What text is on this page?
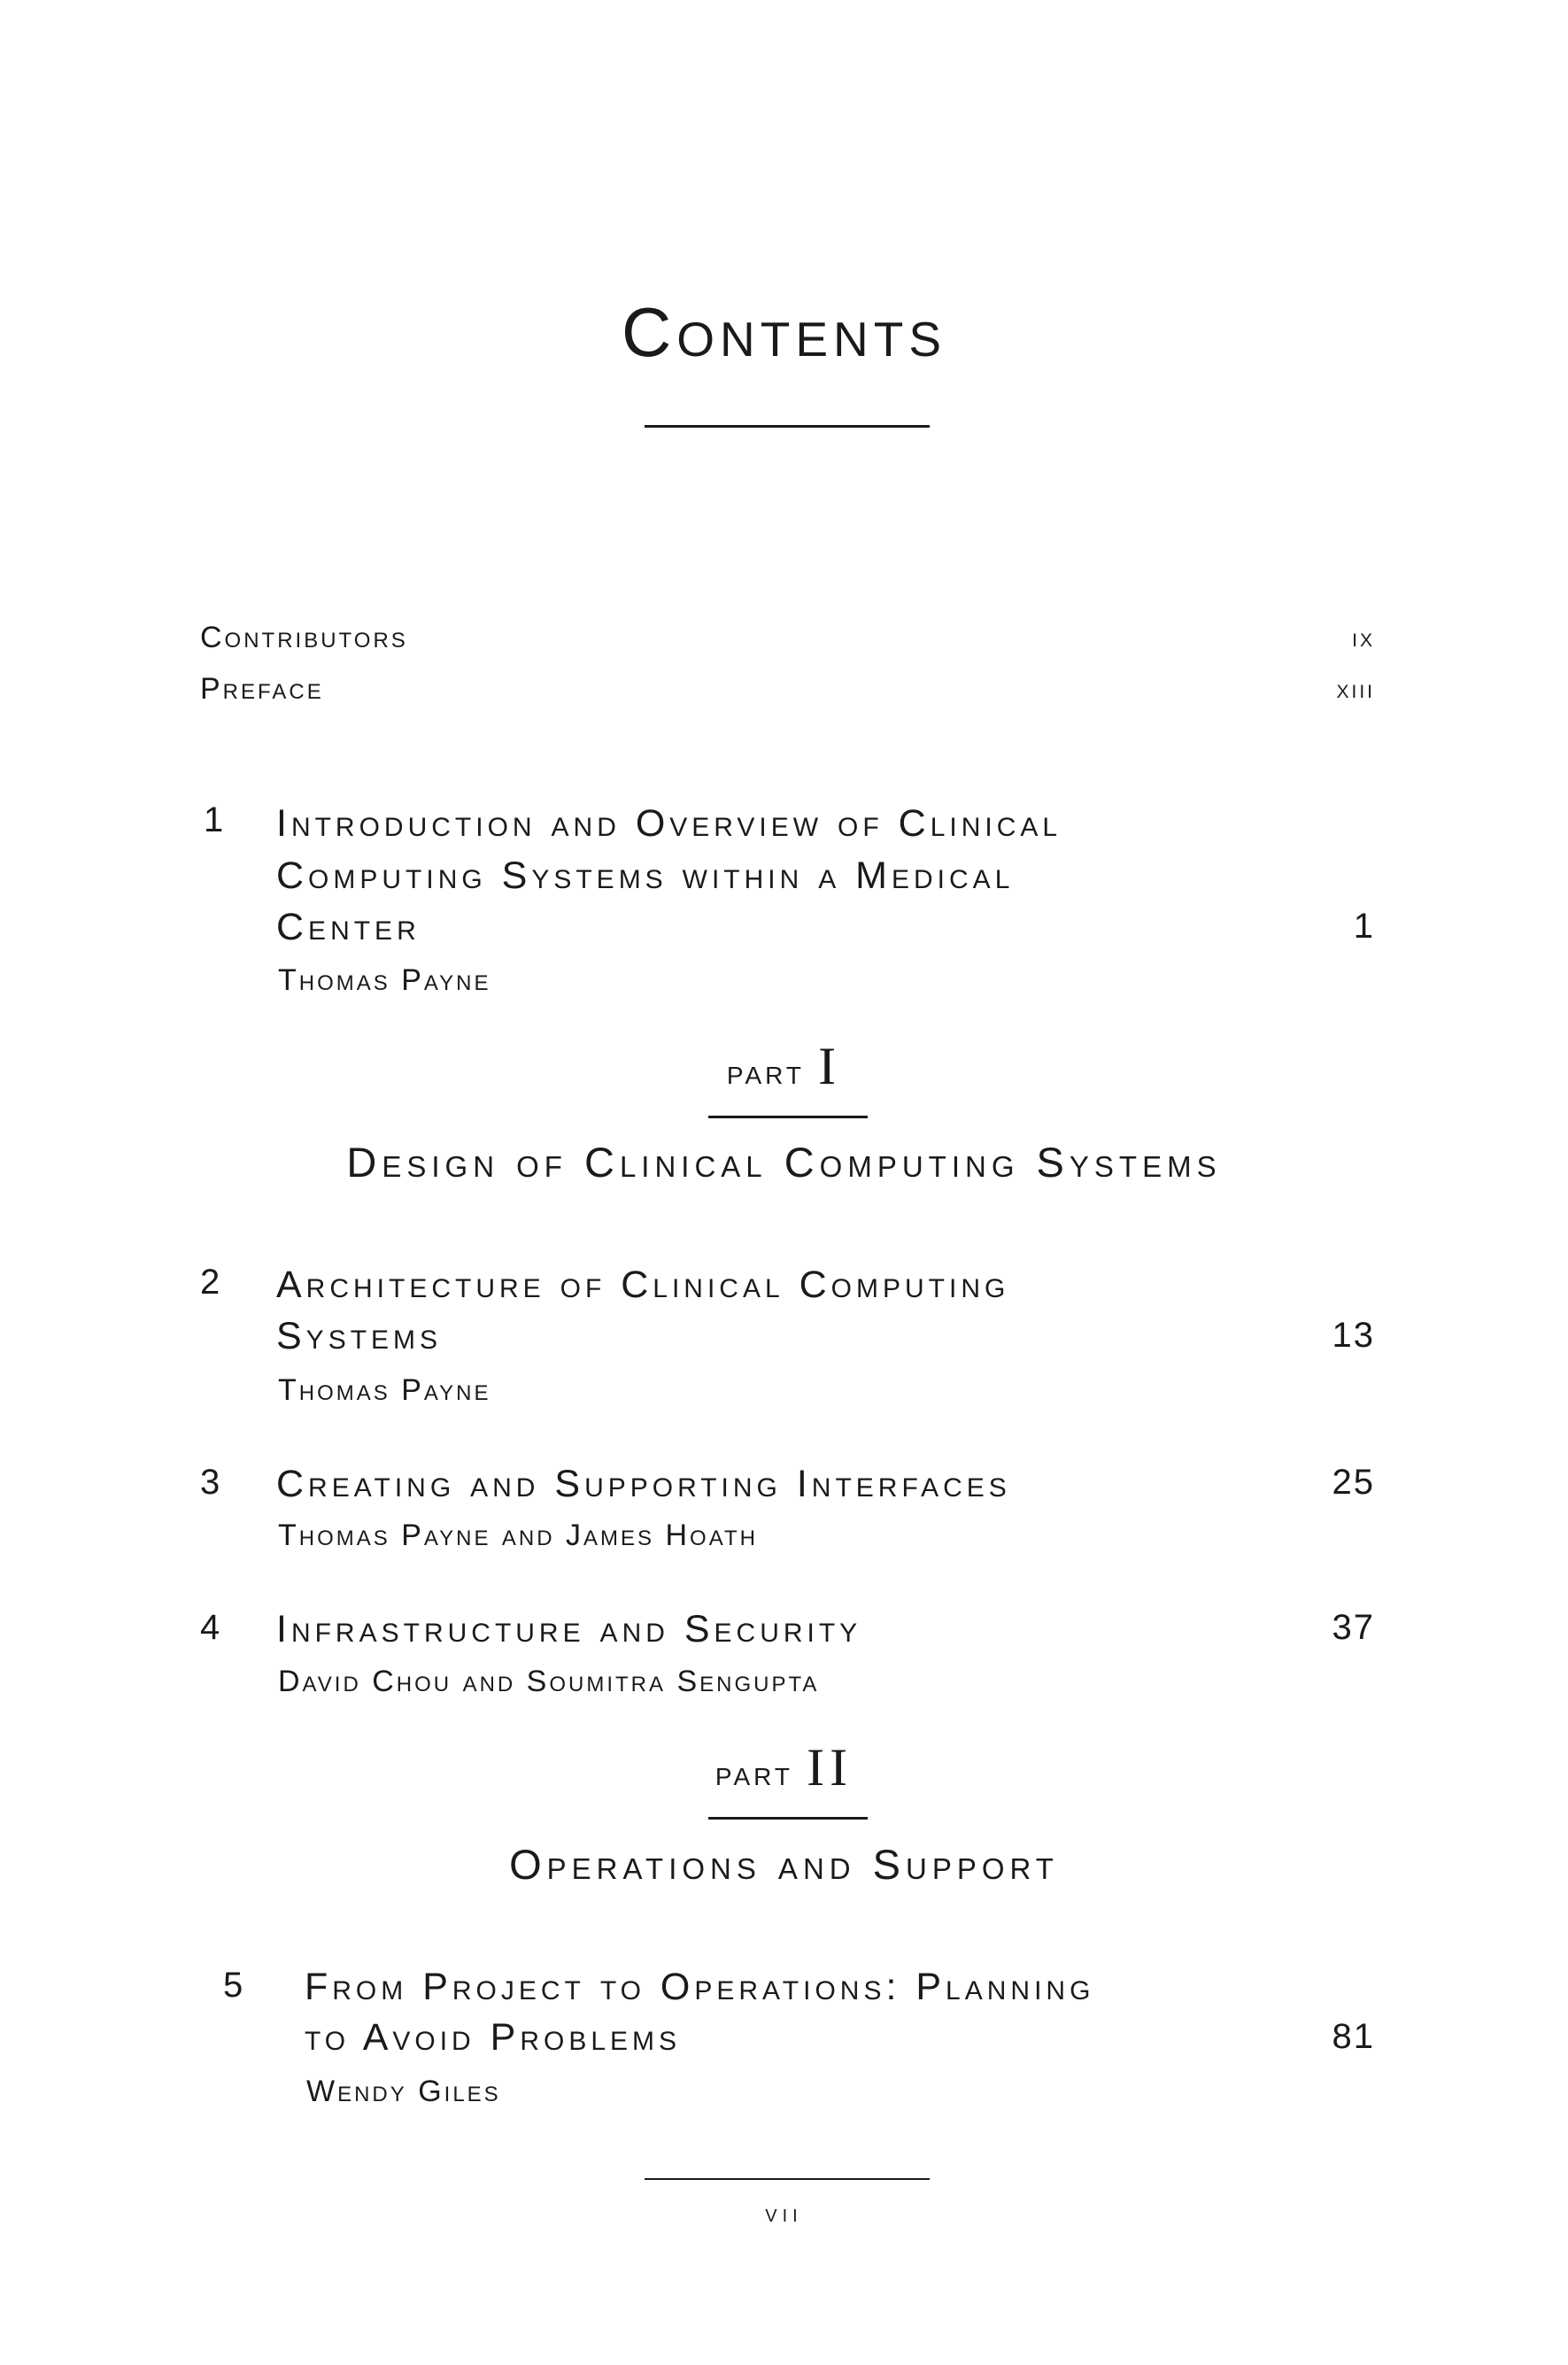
Contents
Contributors	ix
Preface	xiii
1 Introduction and Overview of Clinical
Computing Systems within a Medical
Center	1
Thomas Payne
part I
Design of Clinical Computing Systems
2 Architecture of Clinical Computing
Systems	13
Thomas Payne
3 Creating and Supporting Interfaces	25
Thomas Payne and James Hoath
4 Infrastructure and Security	37
David Chou and Soumitra Sengupta
part II
Operations and Support
5 From Project to Operations: Planning
to Avoid Problems	81
Wendy Giles
vii
